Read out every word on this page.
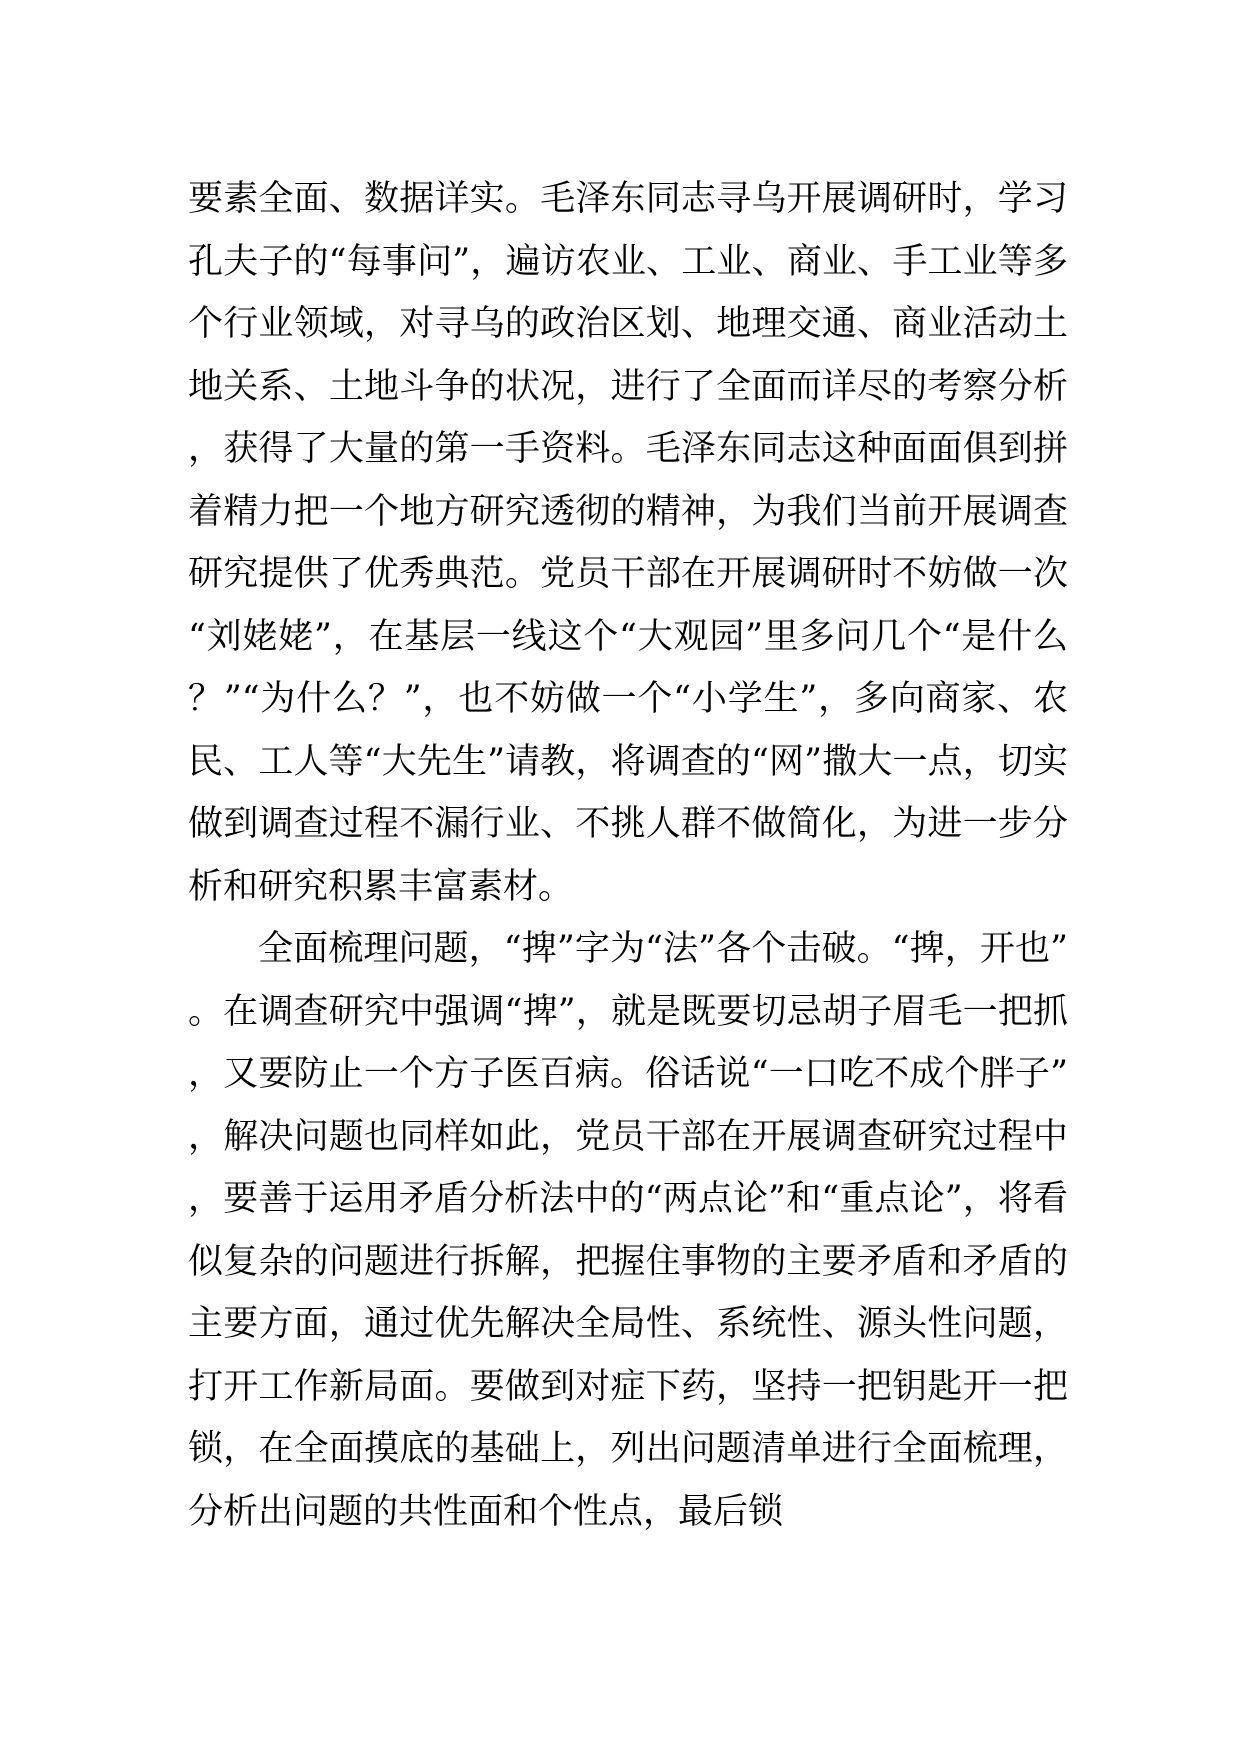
要素全面、数据详实。毛泽东同志寻乌开展调研时，学习孔夫子的“每事问”，遍访农业、工业、商业、手工业等多个行业领域，对寻乌的政治区划、地理交通、商业活动土地关系、土地斗争的状况，进行了全面而详尽的考察分析，获得了大量的第一手资料。毛泽东同志这种面面俱到拼着精力把一个地方研究透彻的精神，为我们当前开展调查研究提供了优秀典范。党员干部在开展调研时不妨做一次“刘姥姥”，在基层一线这个“大观园”里多问几个“是什么？”“为什么？”，也不妨做一个“小学生”，多向商家、农民、工人等“大先生”请教，将调查的“网”撒大一点，切实做到调查过程不漏行业、不挑人群不做简化，为进一步分析和研究积累丰富素材。

全面梳理问题，“捭”字为“法”各个击破。“捭，开也”。在调查研究中强调“捭”，就是既要切忌胡子眉毛一把抓，又要防止一个方子医百病。俗话说“一口吃不成个胖子”，解决问题也同样如此，党员干部在开展调查研究过程中，要善于运用矛盾分析法中的“两点论”和“重点论”，将看似复杂的问题进行拆解，把握住事物的主要矛盾和矛盾的主要方面，通过优先解决全局性、系统性、源头性问题，打开工作新局面。要做到对症下药，坚持一把钥匙开一把锁，在全面摸底的基础上，列出问题清单进行全面梳理，分析出问题的共性面和个性点，最后锁
